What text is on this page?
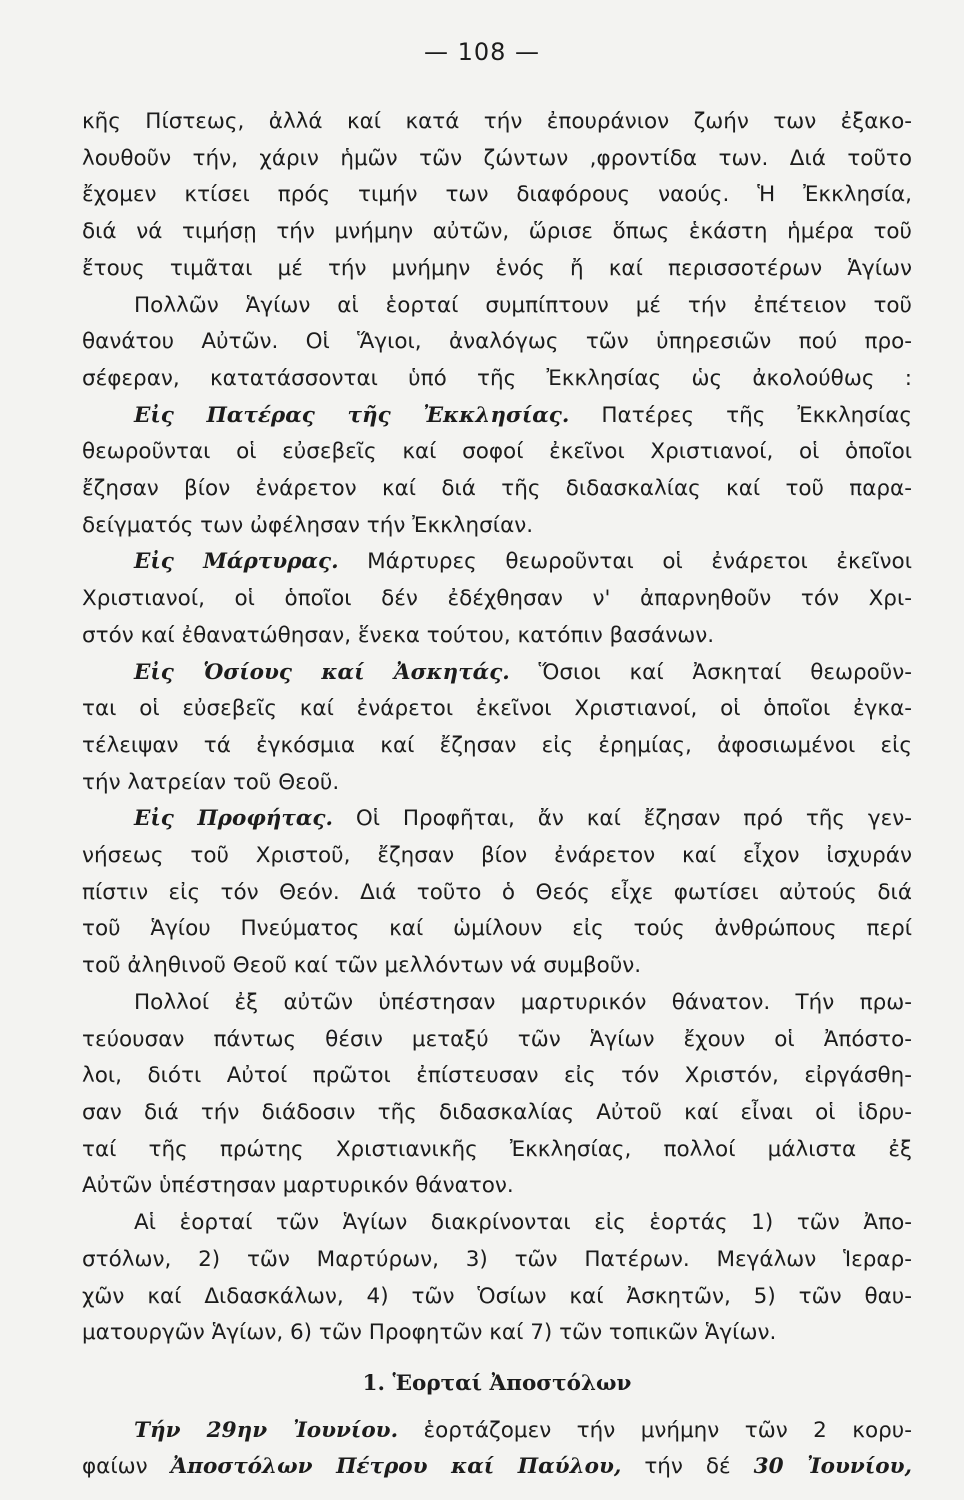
— 108 —
κῆς Πίστεως, ἀλλά καί κατά τήν ἐπουράνιον ζωήν των ἐξακο-
λουθοῦν τήν, χάριν ἡμῶν τῶν ζώντων ,φροντίδα των. Διά τοῦτο
ἔχομεν κτίσει πρός τιμήν των διαφόρους ναούς. Ἡ Ἐκκλησία,
διά νά τιμήσῃ τήν μνήμην αὐτῶν, ὥρισε ὅπως ἑκάστη ἡμέρα τοῦ
ἔτους τιμᾶται μέ τήν μνήμην ἑνός ἤ καί περισσοτέρων Ἁγίων
Πολλῶν Ἁγίων αἱ ἑορταί συμπίπτουν μέ τήν ἐπέτειον τοῦ
θανάτου Αὐτῶν. Οἱ Ἅγιοι, ἀναλόγως τῶν ὑπηρεσιῶν πού προ-
σέφεραν, κατατάσσονται ὑπό τῆς Ἐκκλησίας ὡς ἀκολούθως :
Εἰς Πατέρας τῆς Ἐκκλησίας. Πατέρες τῆς Ἐκκλησίας
θεωροῦνται οἱ εὐσεβεῖς καί σοφοί ἐκεῖνοι Χριστιανοί, οἱ ὁποῖοι
ἔζησαν βίον ἐνάρετον καί διά τῆς διδασκαλίας καί τοῦ παρα-
δείγματός των ὠφέλησαν τήν Ἐκκλησίαν.
Εἰς Μάρτυρας. Μάρτυρες θεωροῦνται οἱ ἐνάρετοι ἐκεῖνοι
Χριστιανοί, οἱ ὁποῖοι δέν ἐδέχθησαν ν' ἀπαρνηθοῦν τόν Χρι-
στόν καί ἐθανατώθησαν, ἕνεκα τούτου, κατόπιν βασάνων.
Εἰς Ὁσίους καί Ἀσκητάς. Ὅσιοι καί Ἀσκηταί θεωροῦν-
ται οἱ εὐσεβεῖς καί ἐνάρετοι ἐκεῖνοι Χριστιανοί, οἱ ὁποῖοι ἐγκα-
τέλειψαν τά ἐγκόσμια καί ἔζησαν εἰς ἐρημίας, ἀφοσιωμένοι εἰς
τήν λατρείαν τοῦ Θεοῦ.
Εἰς Προφήτας. Οἱ Προφῆται, ἄν καί ἔζησαν πρό τῆς γεν-
νήσεως τοῦ Χριστοῦ, ἔζησαν βίον ἐνάρετον καί εἶχον ἰσχυράν
πίστιν εἰς τόν Θεόν. Διά τοῦτο ὁ Θεός εἶχε φωτίσει αὐτούς διά
τοῦ Ἁγίου Πνεύματος καί ὡμίλουν εἰς τούς ἀνθρώπους περί
τοῦ ἀληθινοῦ Θεοῦ καί τῶν μελλόντων νά συμβοῦν.
Πολλοί ἐξ αὐτῶν ὑπέστησαν μαρτυρικόν θάνατον. Τήν πρω-
τεύουσαν πάντως θέσιν μεταξύ τῶν Ἁγίων ἔχουν οἱ Ἀπόστο-
λοι, διότι Αὐτοί πρῶτοι ἐπίστευσαν εἰς τόν Χριστόν, εἰργάσθη-
σαν διά τήν διάδοσιν τῆς διδασκαλίας Αὐτοῦ καί εἶναι οἱ ἱδρυ-
ταί τῆς πρώτης Χριστιανικῆς Ἐκκλησίας, πολλοί μάλιστα ἐξ
Αὐτῶν ὑπέστησαν μαρτυρικόν θάνατον.
Αἱ ἑορταί τῶν Ἁγίων διακρίνονται εἰς ἑορτάς 1) τῶν Ἀπο-
στόλων, 2) τῶν Μαρτύρων, 3) τῶν Πατέρων. Μεγάλων Ἱεραρ-
χῶν καί Διδασκάλων, 4) τῶν Ὁσίων καί Ἀσκητῶν, 5) τῶν θαυ-
ματουργῶν Ἁγίων, 6) τῶν Προφητῶν καί 7) τῶν τοπικῶν Ἁγίων.
1. Ἑορταί Ἀποστόλων
Τήν 29ην Ἰουνίου. ἑορτάζομεν τήν μνήμην τῶν 2 κορυ-
φαίων Ἀποστόλων Πέτρου καί Παύλου, τήν δέ 30 Ἰουνίου,
